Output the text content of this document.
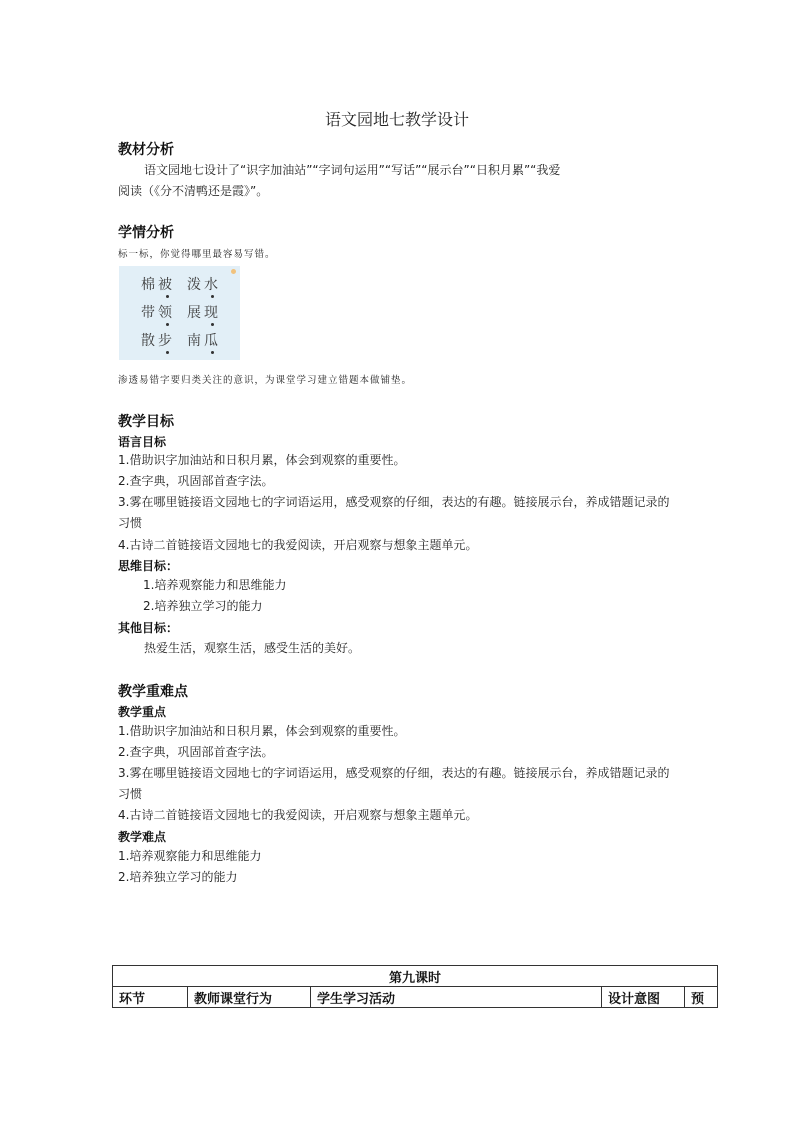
语文园地七教学设计
教材分析
语文园地七设计了“识字加油站”“字词句运用”“写话”“展示台”“日积月累”“我爱
阅读（《分不清鸭还是霞》”。
学情分析
标一标，你觉得哪里最容易写错。
棉被 泼水
带领 展现
散步 南瓜
渗透易错字要归类关注的意识，为课堂学习建立错题本做铺垫。
教学目标
语言目标
1.借助识字加油站和日积月累，体会到观察的重要性。
2.查字典，巩固部首查字法。
3.雾在哪里链接语文园地七的字词语运用，感受观察的仔细，表达的有趣。链接展示台，养成错题记录的
习惯
4.古诗二首链接语文园地七的我爱阅读，开启观察与想象主题单元。
思维目标：
1.培养观察能力和思维能力
2.培养独立学习的能力
其他目标：
热爱生活，观察生活，感受生活的美好。
教学重难点
教学重点
1.借助识字加油站和日积月累，体会到观察的重要性。
2.查字典，巩固部首查字法。
3.雾在哪里链接语文园地七的字词语运用，感受观察的仔细，表达的有趣。链接展示台，养成错题记录的
习惯
4.古诗二首链接语文园地七的我爱阅读，开启观察与想象主题单元。
教学难点
1.培养观察能力和思维能力
2.培养独立学习的能力
第九课时
环节	教师课堂行为	学生学习活动	设计意图	预
